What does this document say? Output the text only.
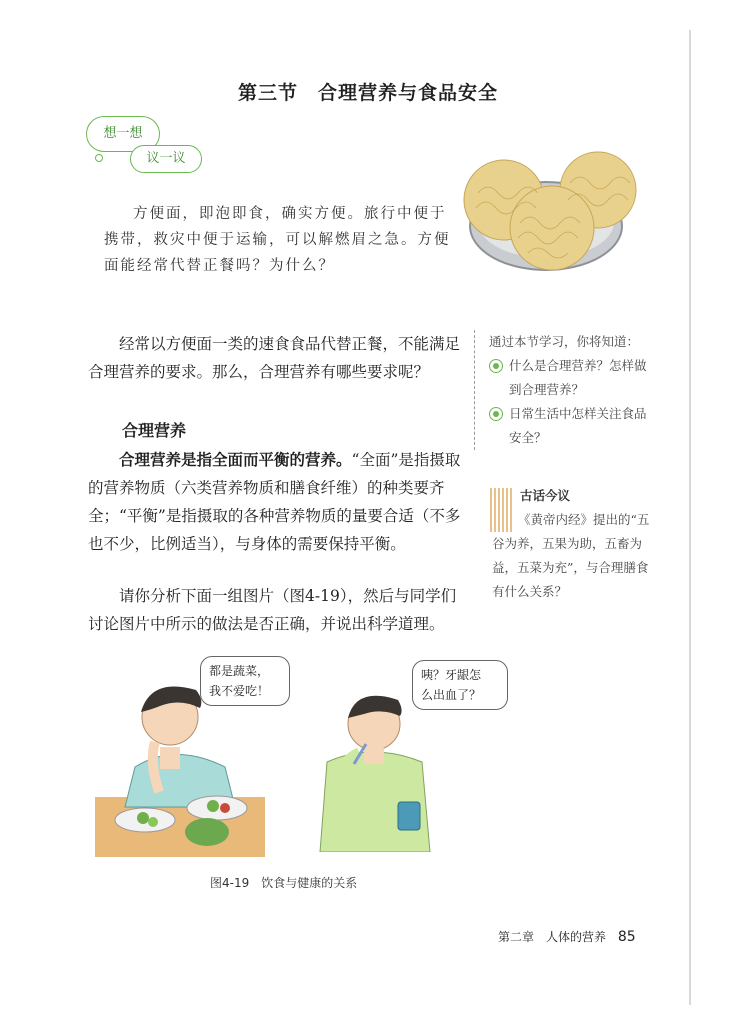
第三节　合理营养与食品安全
想一想
议一议

方便面，即泡即食，确实方便。旅行中便于携带，救灾中便于运输，可以解燃眉之急。方便面能经常代替正餐吗？为什么？

经常以方便面一类的速食食品代替正餐，不能满足合理营养的要求。那么，合理营养有哪些要求呢？

通过本节学习，你将知道：
什么是合理营养？怎样做到合理营养？
日常生活中怎样关注食品安全？
合理营养

合理营养是指全面而平衡的营养。“全面”是指摄取的营养物质（六类营养物质和膳食纤维）的种类要齐全；“平衡”是指摄取的各种营养物质的量要合适（不多也不少，比例适当），与身体的需要保持平衡。

请你分析下面一组图片（图4-19），然后与同学们讨论图片中所示的做法是否正确，并说出科学道理。

古话今议

《黄帝内经》提出的“五谷为养，五果为助，五畜为益，五菜为充”，与合理膳食有什么关系？

都是蔬菜，
我不爱吃！
咦？牙龈怎
么出血了？
图4-19　饮食与健康的关系
第二章　人体的营养 85
